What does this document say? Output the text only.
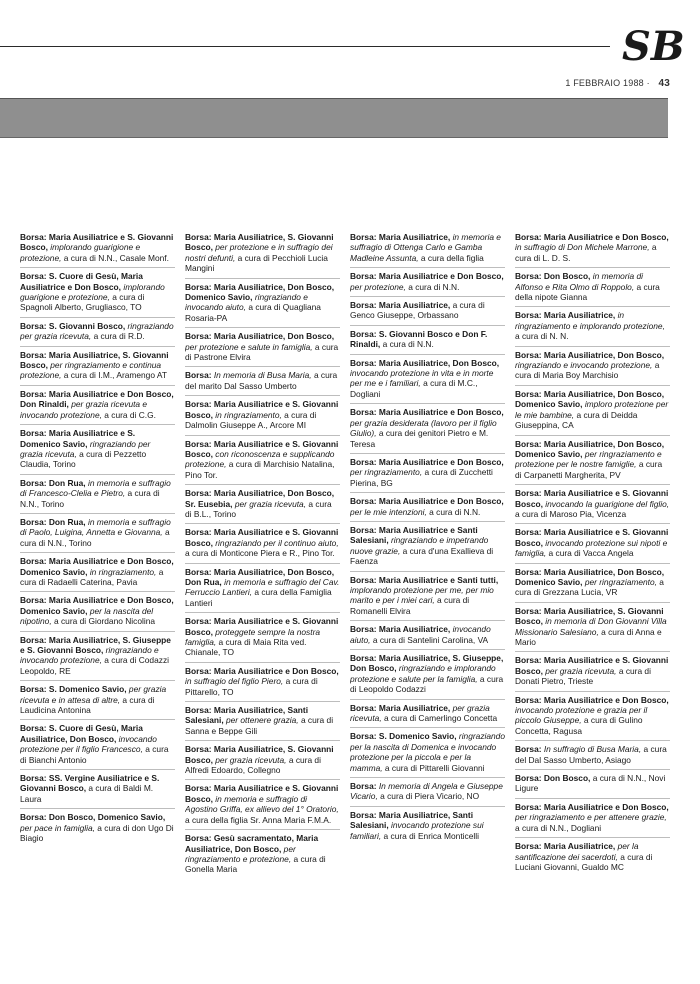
SB
1 FEBBRAIO 1988 · 43

Borsa: Maria Ausiliatrice e S. Giovanni Bosco, implorando guarigione e protezione, a cura di N.N., Casale Monf.

Borsa: S. Cuore di Gesù, Maria Ausiliatrice e Don Bosco, implorando guarigione e protezione, a cura di Spagnoli Alberto, Grugliasco, TO

Borsa: S. Giovanni Bosco, ringraziando per grazia ricevuta, a cura di R.D.

Borsa: Maria Ausiliatrice, S. Giovanni Bosco, per ringraziamento e continua protezione, a cura di I.M., Aramengo AT

Borsa: Maria Ausiliatrice e Don Bosco, Don Rinaldi, per grazia ricevuta e invocando protezione, a cura di C.G.

Borsa: Maria Ausiliatrice e S. Domenico Savio, ringraziando per grazia ricevuta, a cura di Pezzetto Claudia, Torino

Borsa: Don Rua, in memoria e suffragio di Francesco-Clelia e Pietro, a cura di N.N., Torino

Borsa: Don Rua, in memoria e suffragio di Paolo, Luigina, Annetta e Giovanna, a cura di N.N., Torino

Borsa: Maria Ausiliatrice e Don Bosco, Domenico Savio, in ringraziamento, a cura di Radaelli Caterina, Pavia

Borsa: Maria Ausiliatrice e Don Bosco, Domenico Savio, per la nascita del nipotino, a cura di Giordano Nicolina

Borsa: Maria Ausiliatrice, S. Giuseppe e S. Giovanni Bosco, ringraziando e invocando protezione, a cura di Codazzi Leopoldo, RE

Borsa: S. Domenico Savio, per grazia ricevuta e in attesa di altre, a cura di Laudicina Antonina

Borsa: S. Cuore di Gesù, Maria Ausiliatrice, Don Bosco, invocando protezione per il figlio Francesco, a cura di Bianchi Antonio

Borsa: SS. Vergine Ausiliatrice e S. Giovanni Bosco, a cura di Baldi M. Laura

Borsa: Don Bosco, Domenico Savio, per pace in famiglia, a cura di don Ugo Di Biagio

Borsa: Maria Ausiliatrice, S. Giovanni Bosco, per protezione e in suffragio dei nostri defunti, a cura di Pecchioli Lucia Mangini

Borsa: Maria Ausiliatrice, Don Bosco, Domenico Savio, ringraziando e invocando aiuto, a cura di Quagliana Rosaria-PA

Borsa: Maria Ausiliatrice, Don Bosco, per protezione e salute in famiglia, a cura di Pastrone Elvira

Borsa: In memoria di Busa Maria, a cura del marito Dal Sasso Umberto

Borsa: Maria Ausiliatrice e S. Giovanni Bosco, in ringraziamento, a cura di Dalmolin Giuseppe A., Arcore MI

Borsa: Maria Ausiliatrice e S. Giovanni Bosco, con riconoscenza e supplicando protezione, a cura di Marchisio Natalina, Pino Tor.

Borsa: Maria Ausiliatrice, Don Bosco, Sr. Eusebia, per grazia ricevuta, a cura di B.L., Torino

Borsa: Maria Ausiliatrice e S. Giovanni Bosco, ringraziando per il continuo aiuto, a cura di Monticone Piera e R., Pino Tor.

Borsa: Maria Ausiliatrice, Don Bosco, Don Rua, in memoria e suffragio del Cav. Ferruccio Lantieri, a cura della Famiglia Lantieri

Borsa: Maria Ausiliatrice e S. Giovanni Bosco, proteggete sempre la nostra famiglia, a cura di Maia Rita ved. Chianale, TO

Borsa: Maria Ausiliatrice e Don Bosco, in suffragio del figlio Piero, a cura di Pittarello, TO

Borsa: Maria Ausiliatrice, Santi Salesiani, per ottenere grazia, a cura di Sanna e Beppe Gili

Borsa: Maria Ausiliatrice, S. Giovanni Bosco, per grazia ricevuta, a cura di Alfredi Edoardo, Collegno

Borsa: Maria Ausiliatrice e S. Giovanni Bosco, in memoria e suffragio di Agostino Griffa, ex allievo del 1° Oratorio, a cura della figlia Sr. Anna Maria F.M.A.

Borsa: Gesù sacramentato, Maria Ausiliatrice, Don Bosco, per ringraziamento e protezione, a cura di Gonella Maria

Borsa: Maria Ausiliatrice, in memoria e suffragio di Ottenga Carlo e Gamba Madleine Assunta, a cura della figlia

Borsa: Maria Ausiliatrice e Don Bosco, per protezione, a cura di N.N.

Borsa: Maria Ausiliatrice, a cura di Genco Giuseppe, Orbassano

Borsa: S. Giovanni Bosco e Don F. Rinaldi, a cura di N.N.

Borsa: Maria Ausiliatrice, Don Bosco, invocando protezione in vita e in morte per me e i familiari, a cura di M.C., Dogliani

Borsa: Maria Ausiliatrice e Don Bosco, per grazia desiderata (lavoro per il figlio Giulio), a cura dei genitori Pietro e M. Teresa

Borsa: Maria Ausiliatrice e Don Bosco, per ringraziamento, a cura di Zucchetti Pierina, BG

Borsa: Maria Ausiliatrice e Don Bosco, per le mie intenzioni, a cura di N.N.

Borsa: Maria Ausiliatrice e Santi Salesiani, ringraziando e impetrando nuove grazie, a cura d'una Exallieva di Faenza

Borsa: Maria Ausiliatrice e Santi tutti, implorando protezione per me, per mio marito e per i miei cari, a cura di Romanelli Elvira

Borsa: Maria Ausiliatrice, invocando aiuto, a cura di Santelini Carolina, VA

Borsa: Maria Ausiliatrice, S. Giuseppe, Don Bosco, ringraziando e implorando protezione e salute per la famiglia, a cura di Leopoldo Codazzi

Borsa: Maria Ausiliatrice, per grazia ricevuta, a cura di Camerlingo Concetta

Borsa: S. Domenico Savio, ringraziando per la nascita di Domenica e invocando protezione per la piccola e per la mamma, a cura di Pittarelli Giovanni

Borsa: In memoria di Angela e Giuseppe Vicario, a cura di Piera Vicario, NO

Borsa: Maria Ausiliatrice, Santi Salesiani, invocando protezione sui familiari, a cura di Enrica Monticelli

Borsa: Maria Ausiliatrice e Don Bosco, in suffragio di Don Michele Marrone, a cura di L. D. S.

Borsa: Don Bosco, in memoria di Alfonso e Rita Olmo di Roppolo, a cura della nipote Gianna

Borsa: Maria Ausiliatrice, in ringraziamento e implorando protezione, a cura di N. N.

Borsa: Maria Ausiliatrice, Don Bosco, ringraziando e invocando protezione, a cura di Maria Boy Marchisio

Borsa: Maria Ausiliatrice, Don Bosco, Domenico Savio, imploro protezione per le mie bambine, a cura di Deidda Giuseppina, CA

Borsa: Maria Ausiliatrice, Don Bosco, Domenico Savio, per ringraziamento e protezione per le nostre famiglie, a cura di Carpanetti Margherita, PV

Borsa: Maria Ausiliatrice e S. Giovanni Bosco, invocando la guarigione del figlio, a cura di Maroso Pia, Vicenza

Borsa: Maria Ausiliatrice e S. Giovanni Bosco, invocando protezione sui nipoti e famiglia, a cura di Vacca Angela

Borsa: Maria Ausiliatrice, Don Bosco, Domenico Savio, per ringraziamento, a cura di Grezzana Lucia, VR

Borsa: Maria Ausiliatrice, S. Giovanni Bosco, in memoria di Don Giovanni Villa Missionario Salesiano, a cura di Anna e Mario

Borsa: Maria Ausiliatrice e S. Giovanni Bosco, per grazia ricevuta, a cura di Donati Pietro, Trieste

Borsa: Maria Ausiliatrice e Don Bosco, invocando protezione e grazia per il piccolo Giuseppe, a cura di Gulino Concetta, Ragusa

Borsa: In suffragio di Busa Maria, a cura del Dal Sasso Umberto, Asiago

Borsa: Don Bosco, a cura di N.N., Novi Ligure

Borsa: Maria Ausiliatrice e Don Bosco, per ringraziamento e per attenere grazie, a cura di N.N., Dogliani

Borsa: Maria Ausiliatrice, per la santificazione dei sacerdoti, a cura di Luciani Giovanni, Gualdo MC
